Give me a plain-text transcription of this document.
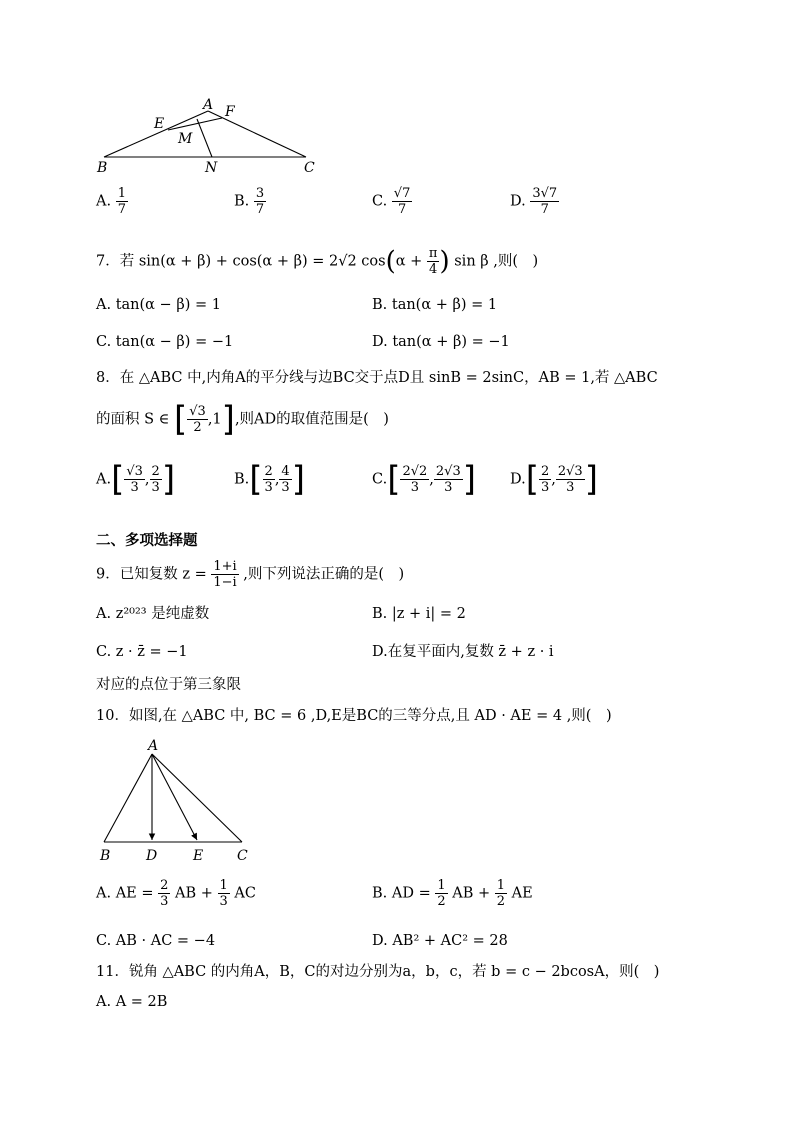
A
E
F
M
B	N	C
A. $\frac{1}{7}$	B. $\frac{3}{7}$	C. $\frac{√7}{7}$	D. $\frac{3√7}{7}$
7．若 sin(α + β) + cos(α + β) = 2√2 $\cos(\alpha + \frac{\pi}{4}$ ) sin β ,则(　)
A. tan(α − β) = 1	B. tan(α + β) = 1
C. tan(α − β) = −1	D. tan(α + β) = −1
8．在 △ABC 中,内角A的平分线与边BC交于点D且 sinB = 2sinC，AB = 1,若 △ABC
的面积 S ∈ [ $\frac{√3}{2} ,1$],则AD的取值范围是(　)
$A.[ \frac{√3}{3}$ , $\frac{2}{3}$ ]	$B.[ \frac{2}{3}$ , $\frac{4}{3}$ ]	$C.[ \frac{2√2}{3}$ , $\frac{2√3}{3}$ ] $D.[ \frac{2}{3}$ , $\frac{2√3}{3}$ ]
二、多项选择题
9．已知复数 $z = \frac{1+i}{1-i}$ ,则下列说法正确的是(　)
A. z²⁰²³ 是纯虚数	B. |z + i| = 2
C. z · z̄ = −1	D.在复平面内,复数 z̄ + z · i
对应的点位于第三象限
10．如图,在 △ABC 中, BC = 6 ,D,E是BC的三等分点,且 AD · AE = 4 ,则(　)
A
B	D	E C
A. AE = $\frac{2}{3}$ AB + $\frac{1}{3}$ AC	B. AD = $\frac{1}{2}$ AB + $\frac{1}{2}$ AE
C. AB · AC = −4	D. AB² + AC² = 28
11．锐角 △ABC 的内角A，B，C的对边分别为a，b，c，若 b = c − 2bcosA，则(　)
A. A = 2B
